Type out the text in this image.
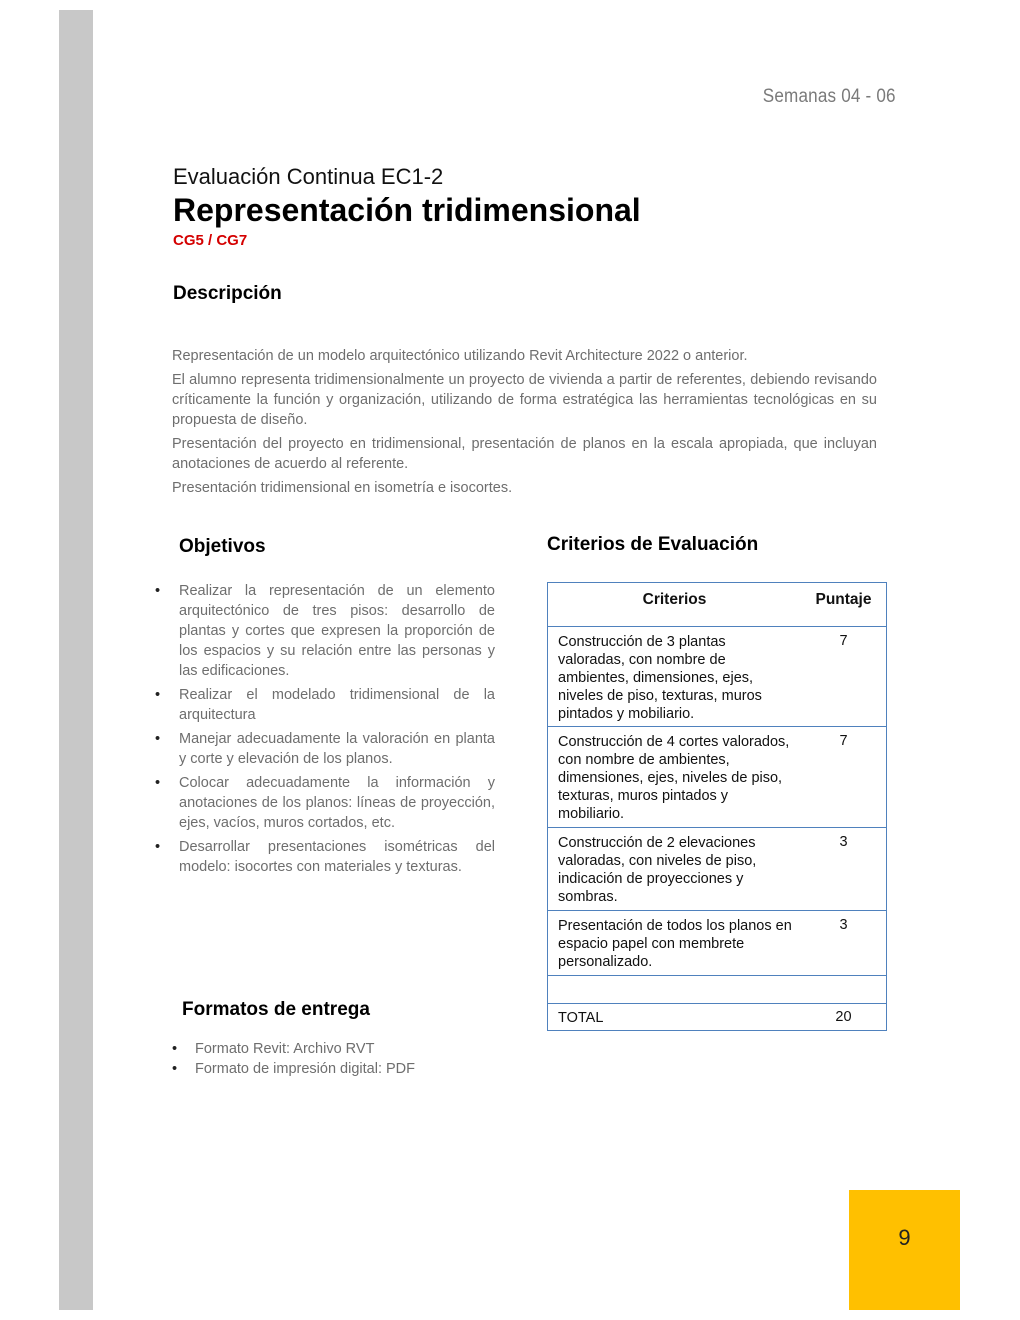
Semanas 04 - 06
Evaluación Continua EC1-2
Representación tridimensional
CG5 / CG7
Descripción

Representación de un modelo arquitectónico utilizando Revit Architecture 2022 o anterior.

El alumno representa tridimensionalmente un proyecto de vivienda a partir de referentes, debiendo revisando críticamente la función y organización, utilizando de forma estratégica las herramientas tecnológicas en su propuesta de diseño.

Presentación del proyecto en tridimensional, presentación de planos en la escala apropiada, que incluyan anotaciones de acuerdo al referente.

Presentación tridimensional en isometría e isocortes.

Objetivos
• Realizar la representación de un elemento arquitectónico de tres pisos: desarrollo de plantas y cortes que expresen la proporción de los espacios y su relación entre las personas y las edificaciones.
• Realizar el modelado tridimensional de la arquitectura
• Manejar adecuadamente la valoración en planta y corte y elevación de los planos.
• Colocar adecuadamente la información y anotaciones de los planos: líneas de proyección, ejes, vacíos, muros cortados, etc.
• Desarrollar presentaciones isométricas del modelo: isocortes con materiales y texturas.
Criterios de Evaluación
Criterios	Puntaje
Construcción de 3 plantas valoradas, con nombre de ambientes, dimensiones, ejes, niveles de piso, texturas, muros pintados y mobiliario.	7
Construcción de 4 cortes valorados, con nombre de ambientes, dimensiones, ejes, niveles de piso, texturas, muros pintados y mobiliario.	7
Construcción de 2 elevaciones valoradas, con niveles de piso, indicación de proyecciones y sombras.	3
Presentación de todos los planos en espacio papel con membrete personalizado.	3

TOTAL	20
Formatos de entrega
• Formato Revit: Archivo RVT
• Formato de impresión digital: PDF
9
